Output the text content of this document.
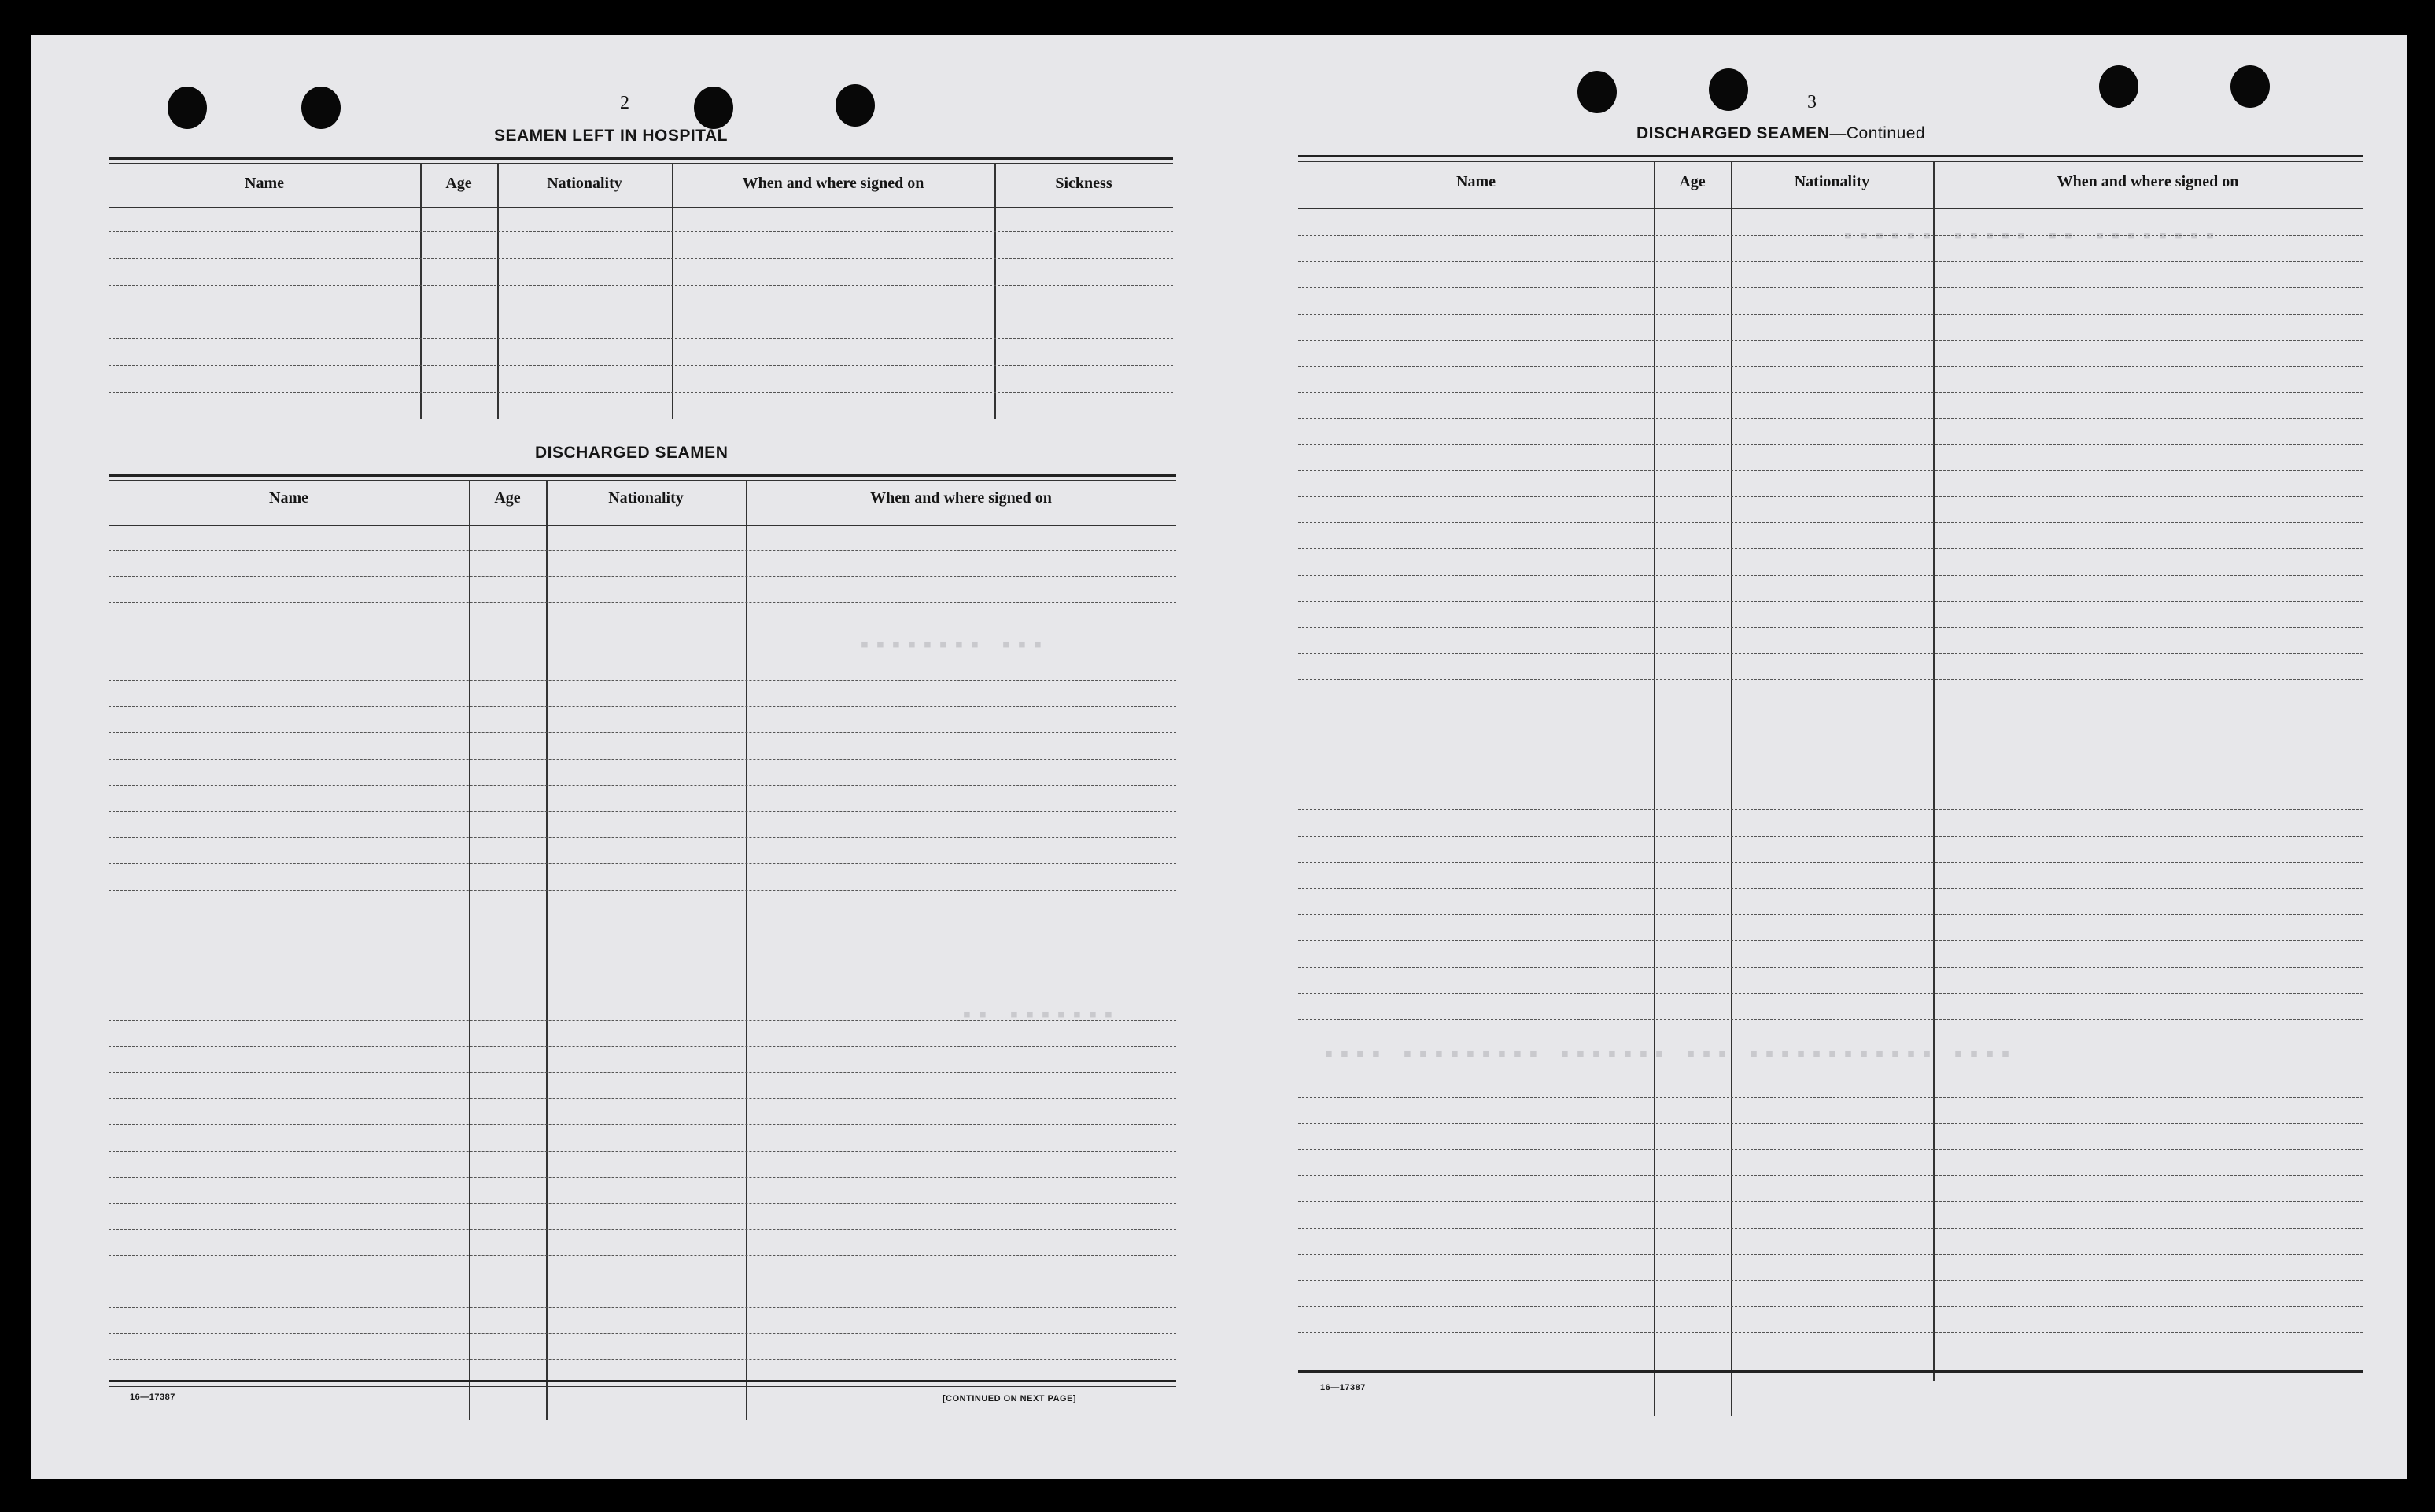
▪▪▪▪▪▪ ▪▪▪▪▪ ▪▪ ▪▪▪▪▪▪▪▪
▪▪▪▪▪▪▪▪ ▪▪▪
▪▪ ▪▪▪▪▪▪▪
▪▪▪▪ ▪▪▪▪▪▪▪▪▪ ▪▪▪▪▪▪▪ ▪▪▪ ▪▪▪▪▪▪▪▪▪▪▪▪ ▪▪▪▪
2
SEAMEN LEFT IN HOSPITAL
Name	Age	Nationality	When and where signed on	Sickness
DISCHARGED SEAMEN
Name	Age	Nationality	When and where signed on
16—17387	[CONTINUED ON NEXT PAGE]
3
DISCHARGED SEAMEN—Continued
Name	Age	Nationality	When and where signed on
16—17387
